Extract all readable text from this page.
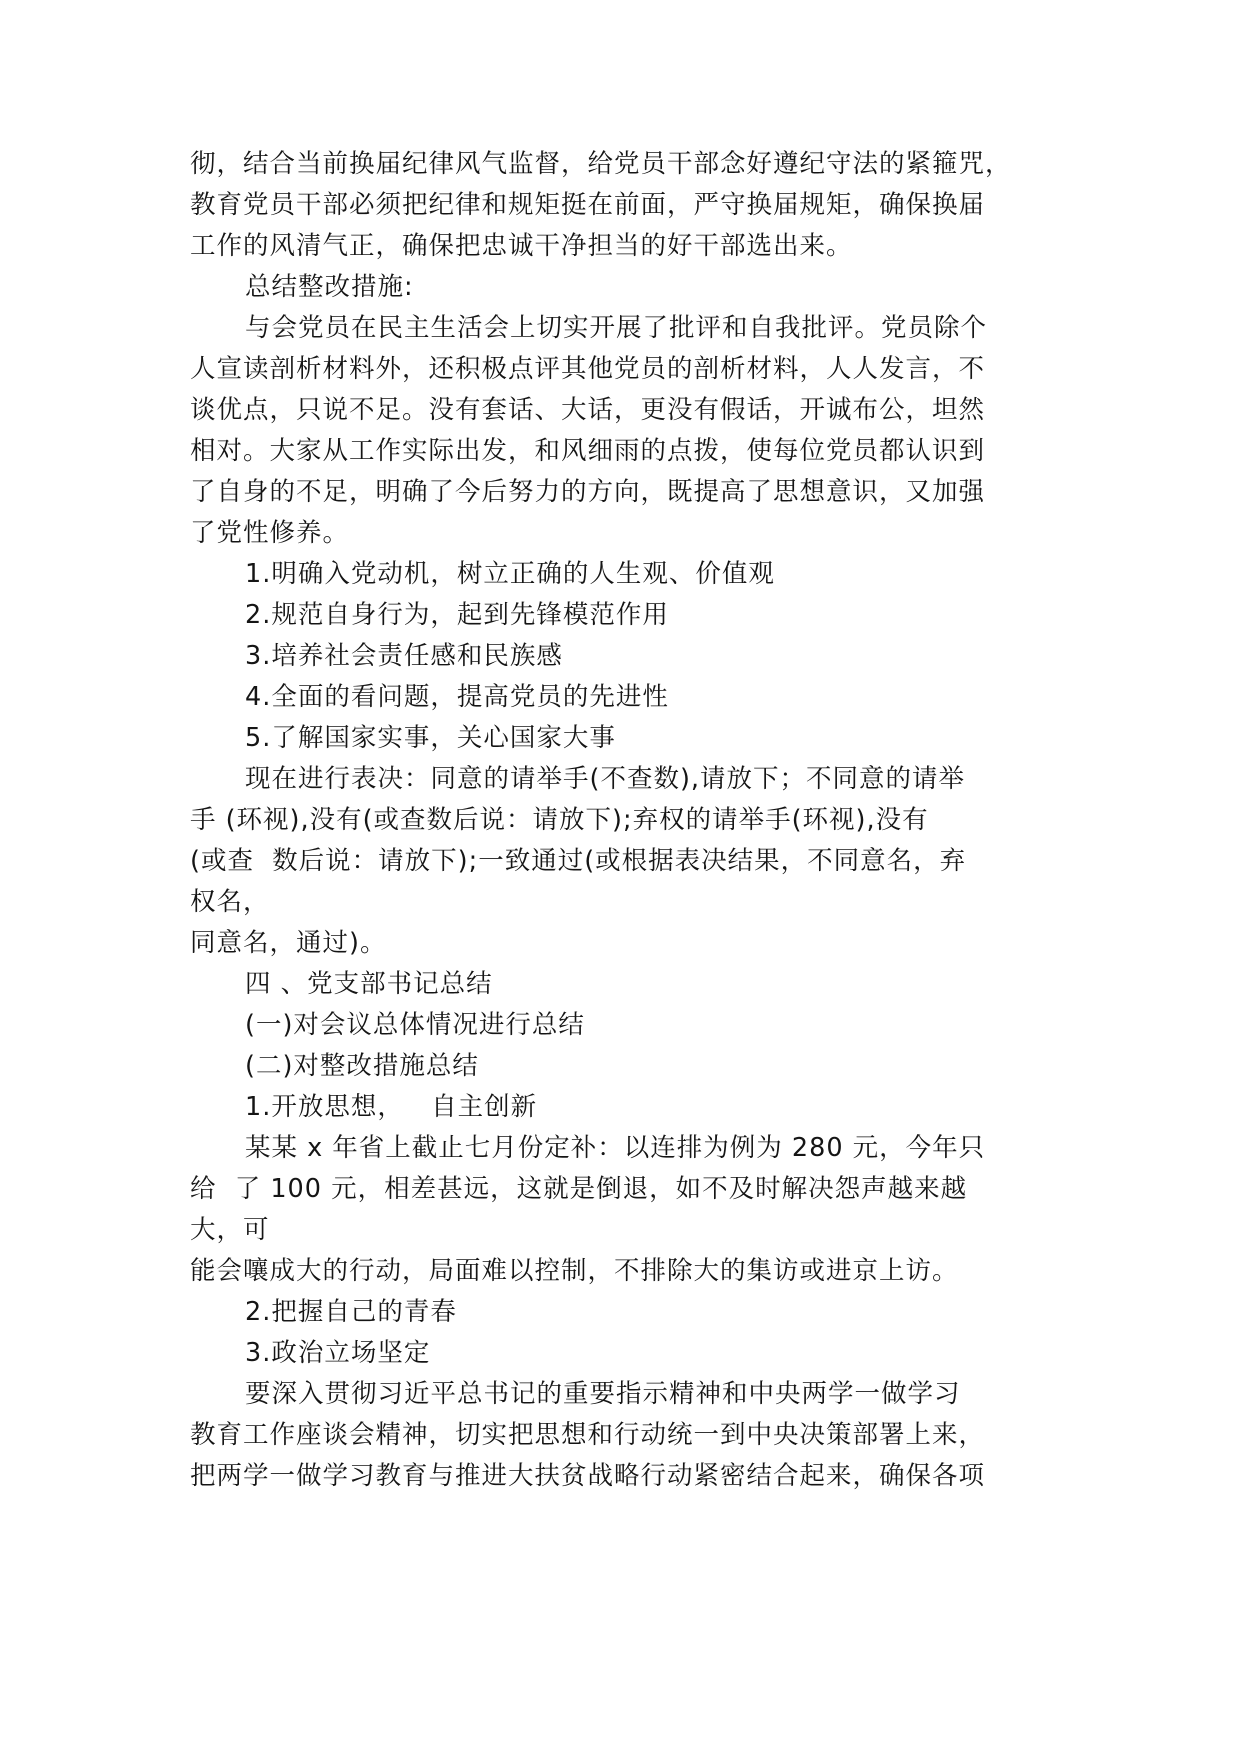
彻，结合当前换届纪律风气监督，给党员干部念好遵纪守法的紧箍咒，
教育党员干部必须把纪律和规矩挺在前面，严守换届规矩，确保换届
工作的风清气正，确保把忠诚干净担当的好干部选出来。
总结整改措施:
与会党员在民主生活会上切实开展了批评和自我批评。党员除个
人宣读剖析材料外，还积极点评其他党员的剖析材料，人人发言，不
谈优点，只说不足。没有套话、大话，更没有假话，开诚布公，坦然
相对。大家从工作实际出发，和风细雨的点拨，使每位党员都认识到
了自身的不足，明确了今后努力的方向，既提高了思想意识，又加强
了党性修养。
1.明确入党动机，树立正确的人生观、价值观
2.规范自身行为，起到先锋模范作用
3.培养社会责任感和民族感
4.全面的看问题，提高党员的先进性
5.了解国家实事，关心国家大事
现在进行表决：同意的请举手(不查数),请放下；不同意的请举
手 (环视),没有(或查数后说：请放下);弃权的请举手(环视),没有
(或查  数后说：请放下);一致通过(或根据表决结果，不同意名，弃
权名，
同意名，通过)。
四 、党支部书记总结
(一)对会议总体情况进行总结
(二)对整改措施总结
1.开放思想，   自主创新
某某 x 年省上截止七月份定补：以连排为例为 280 元，今年只
给  了 100 元，相差甚远，这就是倒退，如不及时解决怨声越来越
大，可
能会嚷成大的行动，局面难以控制，不排除大的集访或进京上访。
2.把握自己的青春
3.政治立场坚定
要深入贯彻习近平总书记的重要指示精神和中央两学一做学习
教育工作座谈会精神，切实把思想和行动统一到中央决策部署上来，
把两学一做学习教育与推进大扶贫战略行动紧密结合起来，确保各项
